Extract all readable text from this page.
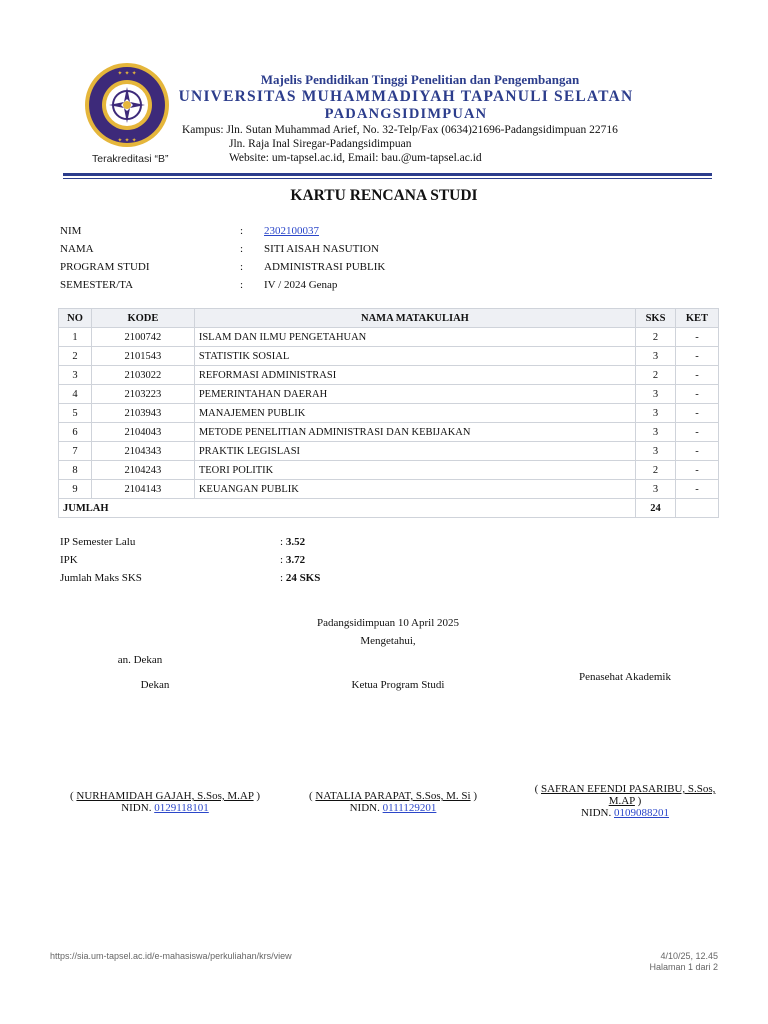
✦ ✦ ✦
✦ ✦ ✦
Terakreditasi “B”
Majelis Pendidikan Tinggi Penelitian dan Pengembangan
UNIVERSITAS MUHAMMADIYAH TAPANULI SELATAN
PADANGSIDIMPUAN
Kampus: Jln. Sutan Muhammad Arief, No. 32-Telp/Fax (0634)21696-Padangsidimpuan 22716
Jln. Raja Inal Siregar-Padangsidimpuan
Website: um-tapsel.ac.id, Email: bau.@um-tapsel.ac.id
KARTU RENCANA STUDI
NIM	: 2302100037
NAMA	: SITI AISAH NASUTION
PROGRAM STUDI	: ADMINISTRASI PUBLIK
SEMESTER/TA	: IV / 2024 Genap
NO	KODE	NAMA MATAKULIAH	SKS	KET
1	2100742	ISLAM DAN ILMU PENGETAHUAN	2	-
2	2101543	STATISTIK SOSIAL	3	-
3	2103022	REFORMASI ADMINISTRASI	2	-
4	2103223	PEMERINTAHAN DAERAH	3	-
5	2103943	MANAJEMEN PUBLIK	3	-
6	2104043	METODE PENELITIAN ADMINISTRASI DAN KEBIJAKAN	3	-
7	2104343	PRAKTIK LEGISLASI	3	-
8	2104243	TEORI POLITIK	2	-
9	2104143	KEUANGAN PUBLIK	3	-
JUMLAH			24	
IP Semester Lalu	: 3.52
IPK	: 3.72
Jumlah Maks SKS	: 24 SKS
Padangsidimpuan 10 April 2025
Mengetahui,
an. Dekan
Dekan	Ketua Program Studi
Penasehat Akademik
( NURHAMIDAH GAJAH, S.Sos, M.AP )
NIDN. 0129118101
( NATALIA PARAPAT, S.Sos, M. Si )
NIDN. 0111129201
( SAFRAN EFENDI PASARIBU, S.Sos,
M.AP )
NIDN. 0109088201
https://sia.um-tapsel.ac.id/e-mahasiswa/perkuliahan/krs/view	4/10/25, 12.45
Halaman 1 dari 2
